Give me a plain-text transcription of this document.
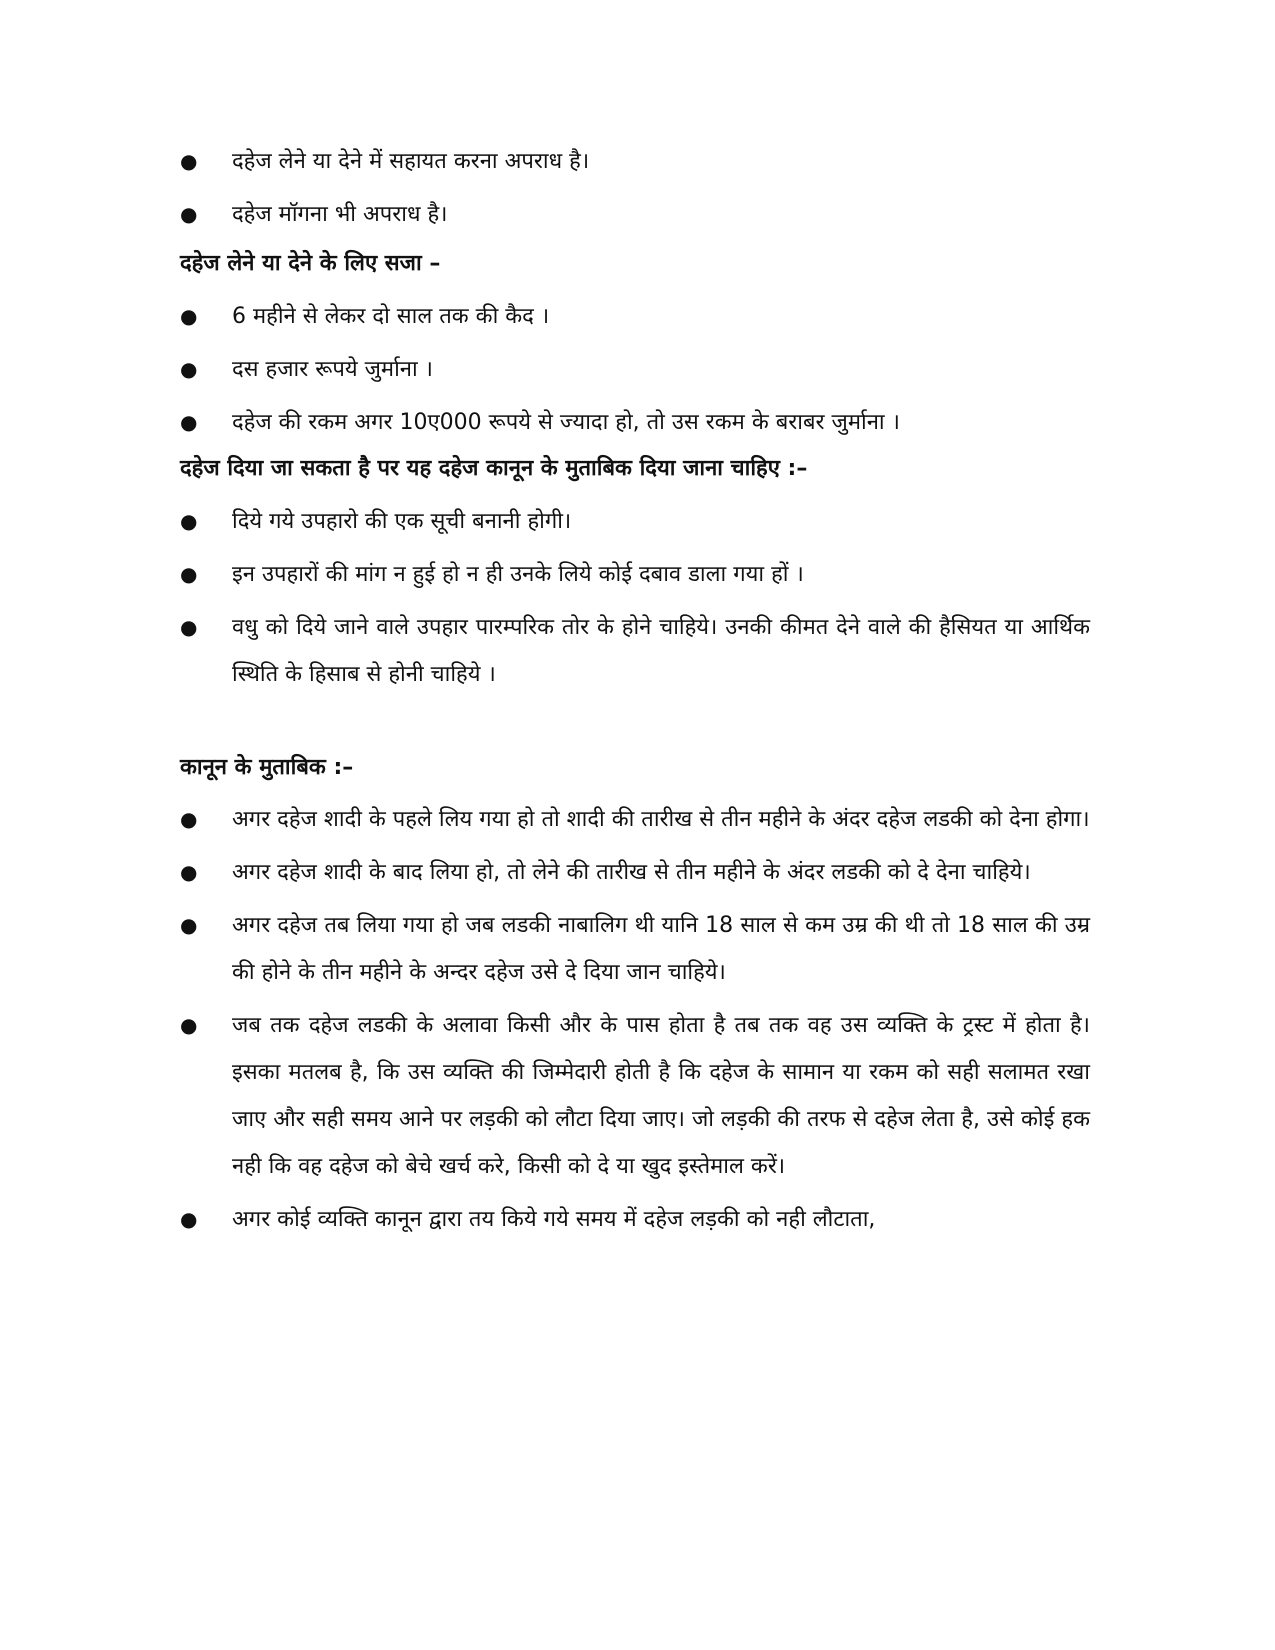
●	दहेज लेने या देने में सहायत करना अपराध है।
●	दहेज मॉगना भी अपराध है।
दहेज लेने या देने के लिए सजा –
●	6 महीने से लेकर दो साल तक की कैद ।
●	दस हजार रूपये जुर्माना ।
●	दहेज की रकम अगर 10ए000 रूपये से ज्यादा हो, तो उस रकम के बराबर जुर्माना ।
दहेज दिया जा सकता है पर यह दहेज कानून के मुताबिक दिया जाना चाहिए :–
●	दिये गये उपहारो की एक सूची बनानी होगी।
●	इन उपहारों की मांग न हुई हो न ही उनके लिये कोई दबाव डाला गया हों ।
●	वधु को दिये जाने वाले उपहार पारम्परिक तोर के होने चाहिये। उनकी कीमत देने वाले की हैसियत या आर्थिक स्थिति के हिसाब से होनी चाहिये ।
कानून के मुताबिक :–
●	अगर दहेज शादी के पहले लिय गया हो तो शादी की तारीख से तीन महीने के अंदर दहेज लडकी को देना होगा।
●	अगर दहेज शादी के बाद लिया हो, तो लेने की तारीख से तीन महीने के अंदर लडकी को दे देना चाहिये।
●	अगर दहेज तब लिया गया हो जब लडकी नाबालिग थी यानि 18 साल से कम उम्र की थी तो 18 साल की उम्र की होने के तीन महीने के अन्दर दहेज उसे दे दिया जान चाहिये।
●	जब तक दहेज लडकी के अलावा किसी और के पास होता है तब तक वह उस व्यक्ति के ट्रस्ट में होता है। इसका मतलब है, कि उस व्यक्ति की जिम्मेदारी होती है कि दहेज के सामान या रकम को सही सलामत रखा जाए और सही समय आने पर लड़की को लौटा दिया जाए। जो लड़की की तरफ से दहेज लेता है, उसे कोई हक नही कि वह दहेज को बेचे खर्च करे, किसी को दे या खुद इस्तेमाल करें।
●	अगर कोई व्यक्ति कानून द्वारा तय किये गये समय में दहेज लड़की को नही लौटाता,
